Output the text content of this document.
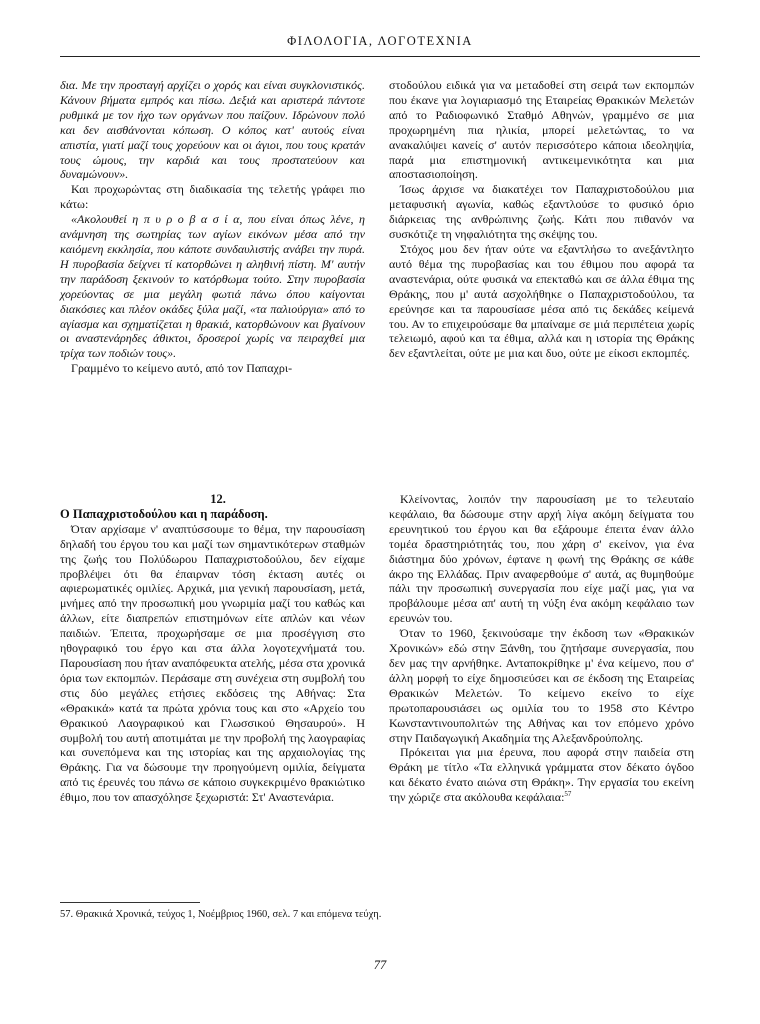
ΦΙΛΟΛΟΓΙΑ, ΛΟΓΟΤΕΧΝΙΑ

δια. Με την προσταγή αρχίζει ο χορός και είναι συγκλονιστικός. Κάνουν βήματα εμπρός και πίσω. Δεξιά και αριστερά πάντοτε ρυθμικά με τον ήχο των οργάνων που παίζουν. Ιδρώνουν πολύ και δεν αισθάνονται κόπωση. Ο κόπος κατ' αυτούς είναι απιστία, γιατί μαζί τους χορεύουν και οι άγιοι, που τους κρατάν τους ώμους, την καρδιά και τους προστατεύουν και δυναμώνουν».

Και προχωρώντας στη διαδικασία της τελετής γράφει πιο κάτω:

«Ακολουθεί η π υ ρ ο β α σ ί α, που είναι όπως λένε, η ανάμνηση της σωτηρίας των αγίων εικόνων μέσα από την καιόμενη εκκλησία, που κάποτε συνδαυλιστής ανάβει την πυρά. Η πυροβασία δείχνει τί κατορθώνει η αληθινή πίστη. Μ' αυτήν την παράδοση ξεκινούν το κατόρθωμα τούτο. Στην πυροβασία χορεύοντας σε μια μεγάλη φωτιά πάνω όπου καίγονται διακόσιες και πλέον οκάδες ξύλα μαζί, «τα παλιούργια» από το αγίασμα και σχηματίζεται η θρακιά, κατορθώνουν και βγαίνουν οι αναστενάρηδες άθικτοι, δροσεροί χωρίς να πειραχθεί μια τρίχα των ποδιών τους».

Γραμμένο το κείμενο αυτό, από τον Παπαχρι-

στοδούλου ειδικά για να μεταδοθεί στη σειρά των εκπομπών που έκανε για λογιαριασμό της Εταιρείας Θρακικών Μελετών από το Ραδιοφωνικό Σταθμό Αθηνών, γραμμένο σε μια προχωρημένη πια ηλικία, μπορεί μελετώντας, το να ανακαλύψει κανείς σ' αυτόν περισσότερο κάποια ιδεοληψία, παρά μια επιστημονική αντικειμενικότητα και μια αποστασιοποίηση.

Ίσως άρχισε να διακατέχει τον Παπαχριστοδούλου μια μεταφυσική αγωνία, καθώς εξαντλούσε το φυσικό όριο διάρκειας της ανθρώπινης ζωής. Κάτι που πιθανόν να συσκότιζε τη νηφαλιότητα της σκέψης του.

Στόχος μου δεν ήταν ούτε να εξαντλήσω το ανεξάντλητο αυτό θέμα της πυροβασίας και του έθιμου που αφορά τα αναστενάρια, ούτε φυσικά να επεκταθώ και σε άλλα έθιμα της Θράκης, που μ' αυτά ασχολήθηκε ο Παπαχριστοδούλου, τα ερεύνησε και τα παρουσίασε μέσα από τις δεκάδες κείμενά του. Αν το επιχειρούσαμε θα μπαίναμε σε μιά περιπέτεια χωρίς τελειωμό, αφού και τα έθιμα, αλλά και η ιστορία της Θράκης δεν εξαντλείται, ούτε με μια και δυο, ούτε με είκοσι εκπομπές.

12.

Ο Παπαχριστοδούλου και η παράδοση.

Όταν αρχίσαμε ν' αναπτύσσουμε το θέμα, την παρουσίαση δηλαδή του έργου του και μαζί των σημαντικότερων σταθμών της ζωής του Πολύδωρου Παπαχριστοδούλου, δεν είχαμε προβλέψει ότι θα έπαιρναν τόση έκταση αυτές οι αφιερωματικές ομιλίες. Αρχικά, μια γενική παρουσίαση, μετά, μνήμες από την προσωπική μου γνωριμία μαζί του καθώς και άλλων, είτε διαπρεπών επιστημόνων είτε απλών και νέων παιδιών. Έπειτα, προχωρήσαμε σε μια προσέγγιση στο ηθογραφικό του έργο και στα άλλα λογοτεχνήματά του. Παρουσίαση που ήταν αναπόφευκτα ατελής, μέσα στα χρονικά όρια των εκπομπών. Περάσαμε στη συνέχεια στη συμβολή του στις δύο μεγάλες ετήσιες εκδόσεις της Αθήνας: Στα «Θρακικά» κατά τα πρώτα χρόνια τους και στο «Αρχείο του Θρακικού Λαογραφικού και Γλωσσικού Θησαυρού». Η συμβολή του αυτή αποτιμάται με την προβολή της λαογραφίας και συνεπόμενα και της ιστορίας και της αρχαιολογίας της Θράκης. Για να δώσουμε την προηγούμενη ομιλία, δείγματα από τις έρευνές του πάνω σε κάποιο συγκεκριμένο θρακιώτικο έθιμο, που τον απασχόλησε ξεχωριστά: Στ' Αναστενάρια.

Κλείνοντας, λοιπόν την παρουσίαση με το τελευταίο κεφάλαιο, θα δώσουμε στην αρχή λίγα ακόμη δείγματα του ερευνητικού του έργου και θα εξάρουμε έπειτα έναν άλλο τομέα δραστηριότητάς του, που χάρη σ' εκείνον, για ένα διάστημα δύο χρόνων, έφτανε η φωνή της Θράκης σε κάθε άκρο της Ελλάδας. Πριν αναφερθούμε σ' αυτά, ας θυμηθούμε πάλι την προσωπική συνεργασία που είχε μαζί μας, για να προβάλουμε μέσα απ' αυτή τη νύξη ένα ακόμη κεφάλαιο των ερευνών του.

Όταν το 1960, ξεκινούσαμε την έκδοση των «Θρακικών Χρονικών» εδώ στην Ξάνθη, του ζητήσαμε συνεργασία, που δεν μας την αρνήθηκε. Ανταποκρίθηκε μ' ένα κείμενο, που σ' άλλη μορφή το είχε δημοσιεύσει και σε έκδοση της Εταιρείας Θρακικών Μελετών. Το κείμενο εκείνο το είχε πρωτοπαρουσιάσει ως ομιλία του το 1958 στο Κέντρο Κωνσταντινουπολιτών της Αθήνας και τον επόμενο χρόνο στην Παιδαγωγική Ακαδημία της Αλεξανδρούπολης.

Πρόκειται για μια έρευνα, που αφορά στην παιδεία στη Θράκη με τίτλο «Τα ελληνικά γράμματα στον δέκατο όγδοο και δέκατο ένατο αιώνα στη Θράκη». Την εργασία του εκείνη την χώριζε στα ακόλουθα κεφάλαια:$^{57}$

57. Θρακικά Χρονικά, τεύχος 1, Νοέμβριος 1960, σελ. 7 και επόμενα τεύχη.
77
